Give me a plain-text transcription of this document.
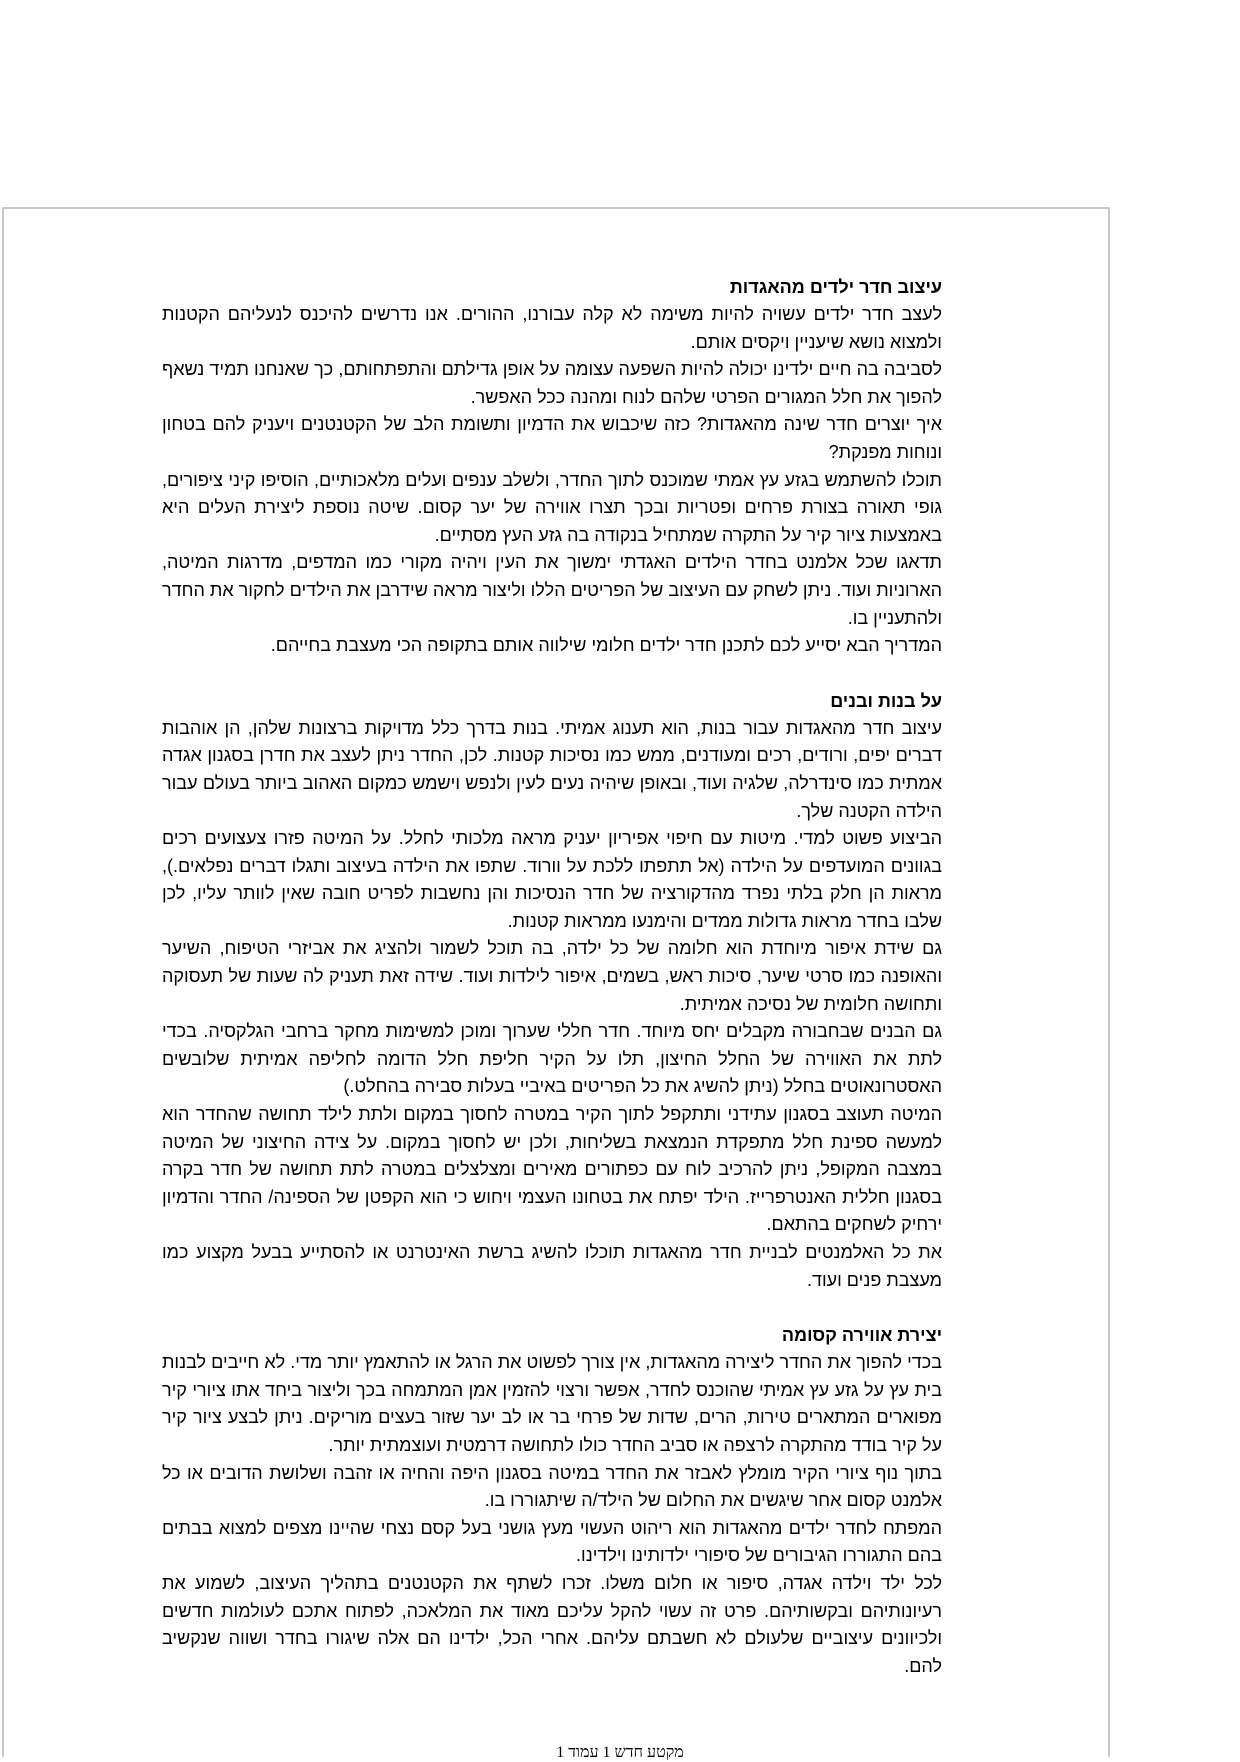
עיצוב חדר ילדים מהאגדות

לעצב חדר ילדים עשויה להיות משימה לא קלה עבורנו, ההורים. אנו נדרשים להיכנס לנעליהם הקטנות ולמצוא נושא שיעניין ויקסים אותם.

לסביבה בה חיים ילדינו יכולה להיות השפעה עצומה על אופן גדילתם והתפתחותם, כך שאנחנו תמיד נשאף להפוך את חלל המגורים הפרטי שלהם לנוח ומהנה ככל האפשר.

איך יוצרים חדר שינה מהאגדות? כזה שיכבוש את הדמיון ותשומת הלב של הקטנטנים ויעניק להם בטחון ונוחות מפנקת?

תוכלו להשתמש בגזע עץ אמתי שמוכנס לתוך החדר, ולשלב ענפים ועלים מלאכותיים, הוסיפו קיני ציפורים, גופי תאורה בצורת פרחים ופטריות ובכך תצרו אווירה של יער קסום. שיטה נוספת ליצירת העלים היא באמצעות ציור קיר על התקרה שמתחיל בנקודה בה גזע העץ מסתיים.

תדאגו שכל אלמנט בחדר הילדים האגדתי ימשוך את העין ויהיה מקורי כמו המדפים, מדרגות המיטה, הארוניות ועוד. ניתן לשחק עם העיצוב של הפריטים הללו וליצור מראה שידרבן את הילדים לחקור את החדר ולהתעניין בו.

המדריך הבא יסייע לכם לתכנן חדר ילדים חלומי שילווה אותם בתקופה הכי מעצבת בחייהם.

על בנות ובנים

עיצוב חדר מהאגדות עבור בנות, הוא תענוג אמיתי. בנות בדרך כלל מדויקות ברצונות שלהן, הן אוהבות דברים יפים, ורודים, רכים ומעודנים, ממש כמו נסיכות קטנות. לכן, החדר ניתן לעצב את חדרן בסגנון אגדה אמתית כמו סינדרלה, שלגיה ועוד, ובאופן שיהיה נעים לעין ולנפש וישמש כמקום האהוב ביותר בעולם עבור הילדה הקטנה שלך.

הביצוע פשוט למדי. מיטות עם חיפוי אפיריון יעניק מראה מלכותי לחלל. על המיטה פזרו צעצועים רכים בגוונים המועדפים על הילדה (אל תתפתו ללכת על וורוד. שתפו את הילדה בעיצוב ותגלו דברים נפלאים.), מראות הן חלק בלתי נפרד מהדקורציה של חדר הנסיכות והן נחשבות לפריט חובה שאין לוותר עליו, לכן שלבו בחדר מראות גדולות ממדים והימנעו ממראות קטנות.

גם שידת איפור מיוחדת הוא חלומה של כל ילדה, בה תוכל לשמור ולהציג את אביזרי הטיפוח, השיער והאופנה כמו סרטי שיער, סיכות ראש, בשמים, איפור לילדות ועוד. שידה זאת תעניק לה שעות של תעסוקה ותחושה חלומית של נסיכה אמיתית.

גם הבנים שבחבורה מקבלים יחס מיוחד. חדר חללי שערוך ומוכן למשימות מחקר ברחבי הגלקסיה. בכדי לתת את האווירה של החלל החיצון, תלו על הקיר חליפת חלל הדומה לחליפה אמיתית שלובשים האסטרונאוטים בחלל (ניתן להשיג את כל הפריטים באיביי בעלות סבירה בהחלט.)

המיטה תעוצב בסגנון עתידני ותתקפל לתוך הקיר במטרה לחסוך במקום ולתת לילד תחושה שהחדר הוא למעשה ספינת חלל מתפקדת הנמצאת בשליחות, ולכן יש לחסוך במקום. על צידה החיצוני של המיטה במצבה המקופל, ניתן להרכיב לוח עם כפתורים מאירים ומצלצלים במטרה לתת תחושה של חדר בקרה בסגנון חללית האנטרפרייז. הילד יפתח את בטחונו העצמי ויחוש כי הוא הקפטן של הספינה/ החדר והדמיון ירחיק לשחקים בהתאם.

את כל האלמנטים לבניית חדר מהאגדות תוכלו להשיג ברשת האינטרנט או להסתייע בבעל מקצוע כמו מעצבת פנים ועוד.

יצירת אווירה קסומה

בכדי להפוך את החדר ליצירה מהאגדות, אין צורך לפשוט את הרגל או להתאמץ יותר מדי. לא חייבים לבנות בית עץ על גזע עץ אמיתי שהוכנס לחדר, אפשר ורצוי להזמין אמן המתמחה בכך וליצור ביחד אתו ציורי קיר מפוארים המתארים טירות, הרים, שדות של פרחי בר או לב יער שזור בעצים מוריקים. ניתן לבצע ציור קיר על קיר בודד מהתקרה לרצפה או סביב החדר כולו לתחושה דרמטית ועוצמתית יותר.

בתוך נוף ציורי הקיר מומלץ לאבזר את החדר במיטה בסגנון היפה והחיה או זהבה ושלושת הדובים או כל אלמנט קסום אחר שיגשים את החלום של הילד/ה שיתגוררו בו.

המפתח לחדר ילדים מהאגדות הוא ריהוט העשוי מעץ גושני בעל קסם נצחי שהיינו מצפים למצוא בבתים בהם התגוררו הגיבורים של סיפורי ילדותינו וילדינו.

לכל ילד וילדה אגדה, סיפור או חלום משלו. זכרו לשתף את הקטנטנים בתהליך העיצוב, לשמוע את רעיונותיהם ובקשותיהם. פרט זה עשוי להקל עליכם מאוד את המלאכה, לפתוח אתכם לעולמות חדשים ולכיוונים עיצוביים שלעולם לא חשבתם עליהם. אחרי הכל, ילדינו הם אלה שיגורו בחדר ושווה שנקשיב להם.

מקטע חדש 1 עמוד 1
